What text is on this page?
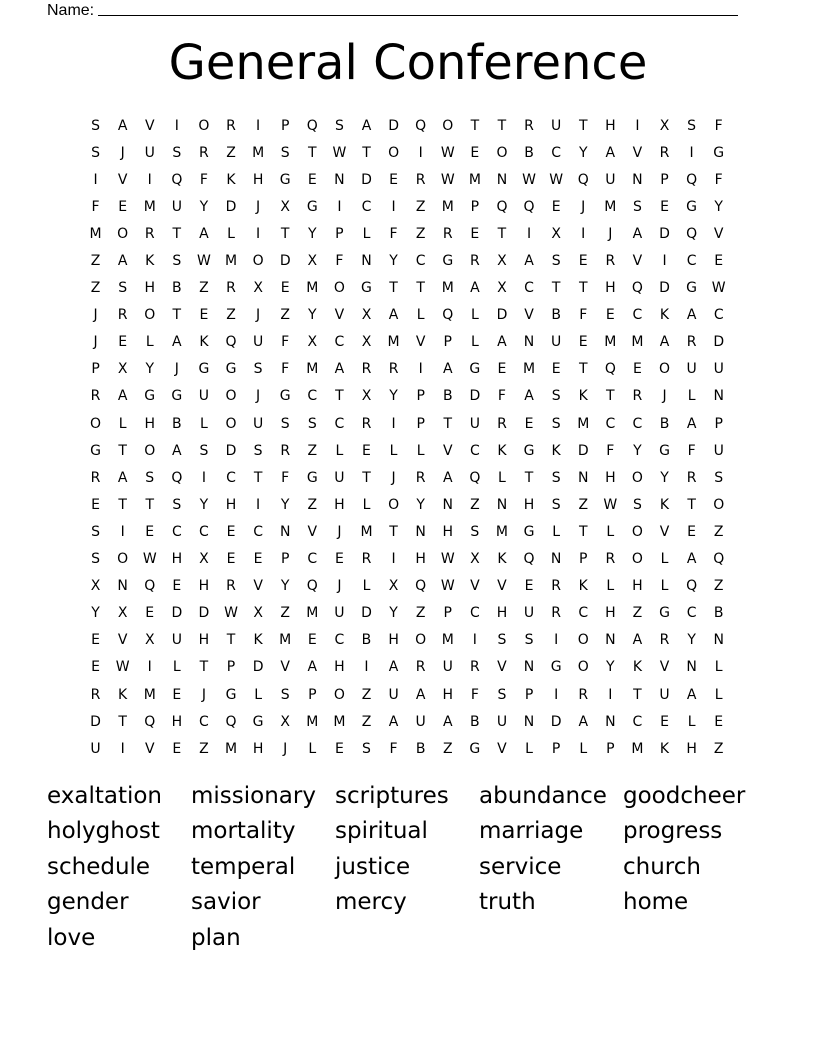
Name:
General Conference
S	A	V	I	O	R	I	P	Q	S	A	D	Q	O	T	T	R	U	T	H	I	X	S	F
S	J	U	S	R	Z	M	S	T	W	T	O	I	W	E	O	B	C	Y	A	V	R	I	G
I	V	I	Q	F	K	H	G	E	N	D	E	R	W	M	N	W W	Q	U	N	P	Q	F
F	E	M	U	Y	D	J	X	G	I	C	I	Z	M	P	Q	Q	E	J	M	S	E	G	Y
M	O	R	T	A	L	I	T	Y	P	L	F	Z	R	E	T	I	X	I	J	A	D	Q	V
Z	A	K	S	W	M	O	D	X	F	N	Y	C	G	R	X	A	S	E	R	V	I	C	E
Z	S	H	B	Z	R	X	E	M	O	G	T	T	M	A	X	C	T	T	H	Q	D	G	W
J	R	O	T	E	Z	J	Z	Y	V	X	A	L	Q	L	D	V	B	F	E	C	K	A	C
J	E	L	A	K	Q	U	F	X	C	X	M	V	P	L	A	N	U	E	M	M	A	R	D
P	X	Y	J	G	G	S	F	M	A	R	R	I	A	G	E	M	E	T	Q	E	O	U	U
R	A	G	G	U	O	J	G	C	T	X	Y	P	B	D	F	A	S	K	T	R	J	L	N
O	L	H	B	L	O	U	S	S	C	R	I	P	T	U	R	E	S	M	C	C	B	A	P
G	T	O	A	S	D	S	R	Z	L	E	L	L	V	C	K	G	K	D	F	Y	G	F	U
R	A	S	Q	I	C	T	F	G	U	T	J	R	A	Q	L	T	S	N	H	O	Y	R	S
E	T	T	S	Y	H	I	Y	Z	H	L	O	Y	N	Z	N	H	S	Z	W	S	K	T	O
S	I	E	C	C	E	C	N	V	J	M	T	N	H	S	M	G	L	T	L	O	V	E	Z
S	O	W	H	X	E	E	P	C	E	R	I	H	W	X	K	Q	N	P	R	O	L	A	Q
X	N	Q	E	H	R	V	Y	Q	J	L	X	Q	W	V	V	E	R	K	L	H	L	Q	Z
Y	X	E	D	D	W	X	Z	M	U	D	Y	Z	P	C	H	U	R	C	H	Z	G	C	B
E	V	X	U	H	T	K	M	E	C	B	H	O	M	I	S	S	I	O	N	A	R	Y	N
E	W	I	L	T	P	D	V	A	H	I	A	R	U	R	V	N	G	O	Y	K	V	N	L
R	K	M	E	J	G	L	S	P	O	Z	U	A	H	F	S	P	I	R	I	T	U	A	L
D	T	Q	H	C	Q	G	X	M	M	Z	A	U	A	B	U	N	D	A	N	C	E	L	E
U	I	V	E	Z	M	H	J	L	E	S	F	B	Z	G	V	L	P	L	P	M	K	H	Z
exaltation	missionary scriptures	abundance goodcheer
holyghost	mortality	spiritual	marriage	progress
schedule	temperal	justice	service	church
gender	savior	mercy	truth	home
love	plan
